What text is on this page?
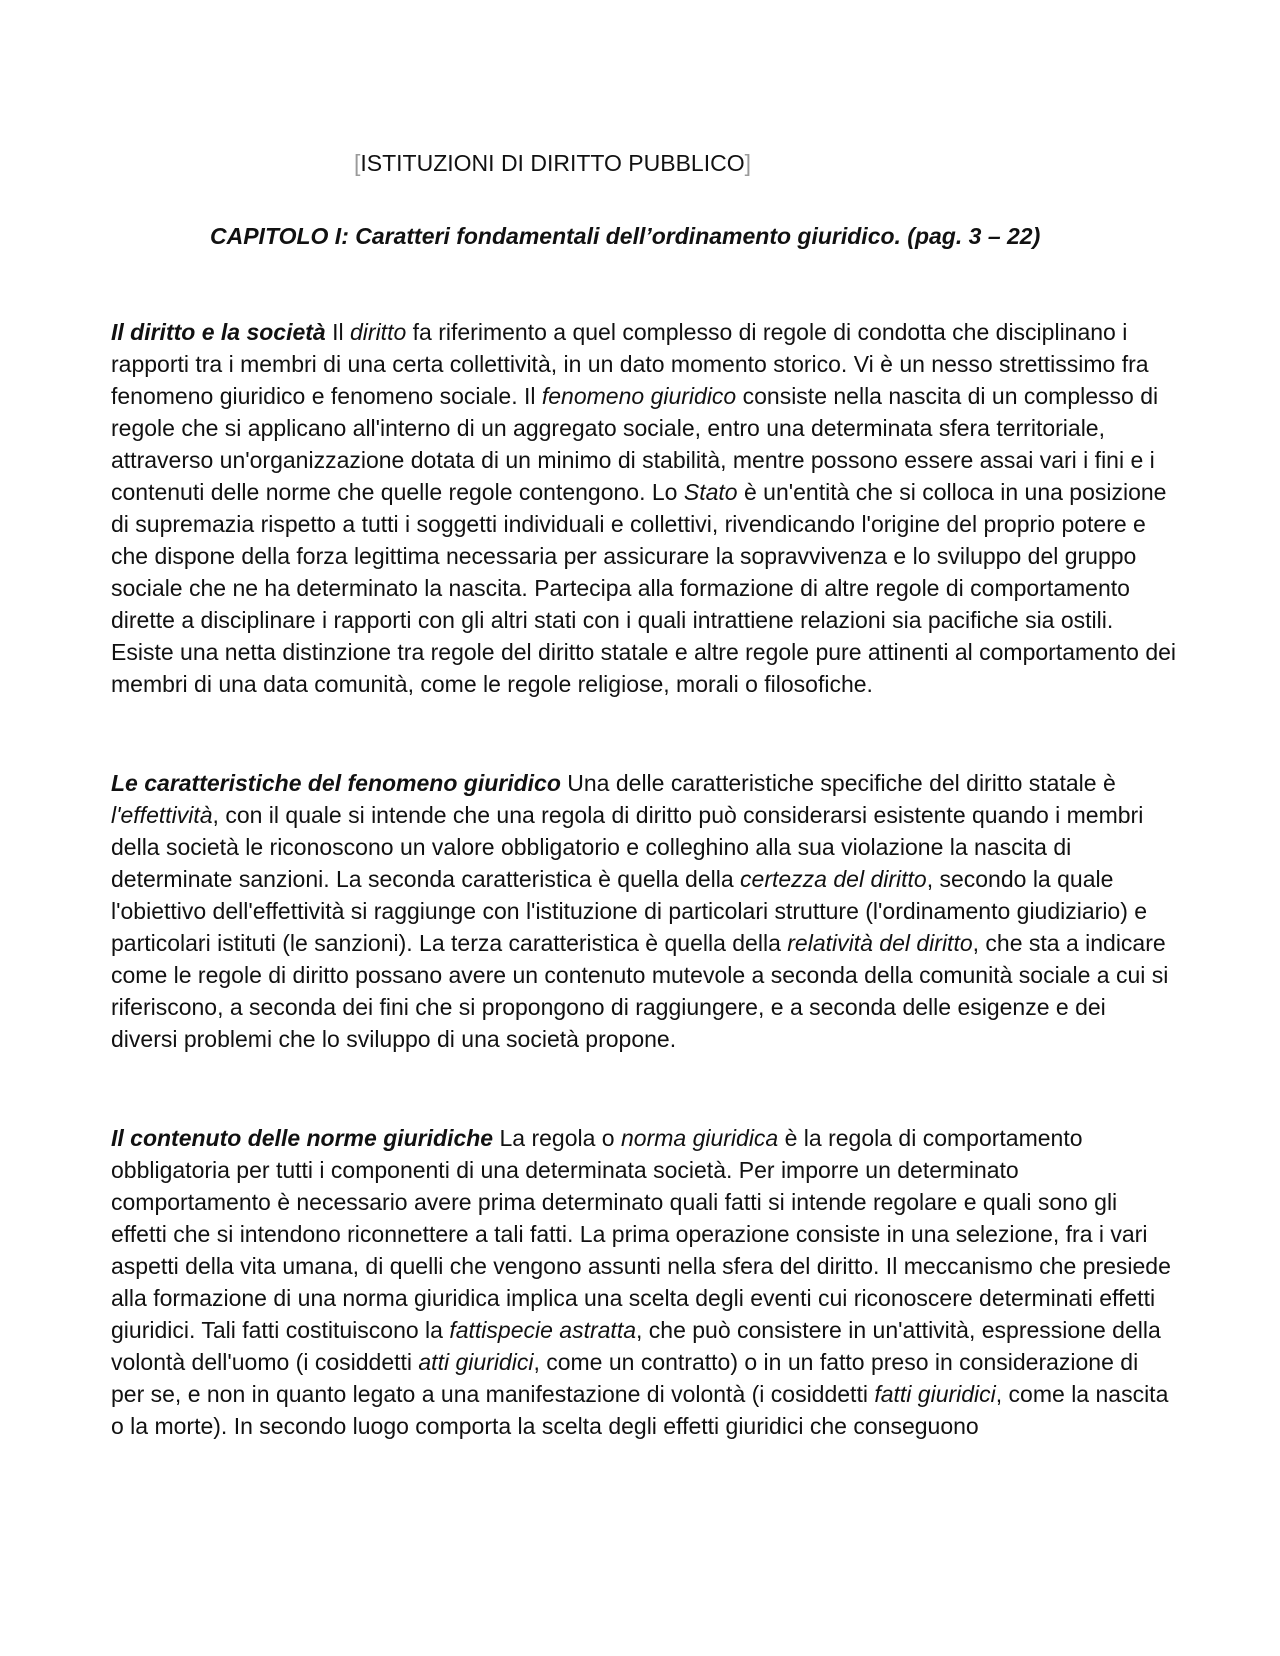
[ISTITUZIONI DI DIRITTO PUBBLICO]
CAPITOLO I: Caratteri fondamentali dell’ordinamento giuridico. (pag. 3 – 22)

Il diritto e la società Il diritto fa riferimento a quel complesso di regole di condotta che disciplinano i rapporti tra i membri di una certa collettività, in un dato momento storico. Vi è un nesso strettissimo fra fenomeno giuridico e fenomeno sociale. Il fenomeno giuridico consiste nella nascita di un complesso di regole che si applicano all'interno di un aggregato sociale, entro una determinata sfera territoriale, attraverso un'organizzazione dotata di un minimo di stabilità, mentre possono essere assai vari i fini e i contenuti delle norme che quelle regole contengono. Lo Stato è un'entità che si colloca in una posizione di supremazia rispetto a tutti i soggetti individuali e collettivi, rivendicando l'origine del proprio potere e che dispone della forza legittima necessaria per assicurare la sopravvivenza e lo sviluppo del gruppo sociale che ne ha determinato la nascita. Partecipa alla formazione di altre regole di comportamento dirette a disciplinare i rapporti con gli altri stati con i quali intrattiene relazioni sia pacifiche sia ostili. Esiste una netta distinzione tra regole del diritto statale e altre regole pure attinenti al comportamento dei membri di una data comunità, come le regole religiose, morali o filosofiche.

Le caratteristiche del fenomeno giuridico Una delle caratteristiche specifiche del diritto statale è l'effettività, con il quale si intende che una regola di diritto può considerarsi esistente quando i membri della società le riconoscono un valore obbligatorio e colleghino alla sua violazione la nascita di determinate sanzioni. La seconda caratteristica è quella della certezza del diritto, secondo la quale l'obiettivo dell'effettività si raggiunge con l'istituzione di particolari strutture (l'ordinamento giudiziario) e particolari istituti (le sanzioni). La terza caratteristica è quella della relatività del diritto, che sta a indicare come le regole di diritto possano avere un contenuto mutevole a seconda della comunità sociale a cui si riferiscono, a seconda dei fini che si propongono di raggiungere, e a seconda delle esigenze e dei diversi problemi che lo sviluppo di una società propone.

Il contenuto delle norme giuridiche La regola o norma giuridica è la regola di comportamento obbligatoria per tutti i componenti di una determinata società. Per imporre un determinato comportamento è necessario avere prima determinato quali fatti si intende regolare e quali sono gli effetti che si intendono riconnettere a tali fatti. La prima operazione consiste in una selezione, fra i vari aspetti della vita umana, di quelli che vengono assunti nella sfera del diritto. Il meccanismo che presiede alla formazione di una norma giuridica implica una scelta degli eventi cui riconoscere determinati effetti giuridici. Tali fatti costituiscono la fattispecie astratta, che può consistere in un'attività, espressione della volontà dell'uomo (i cosiddetti atti giuridici, come un contratto) o in un fatto preso in considerazione di per se, e non in quanto legato a una manifestazione di volontà (i cosiddetti fatti giuridici, come la nascita o la morte). In secondo luogo comporta la scelta degli effetti giuridici che conseguono
